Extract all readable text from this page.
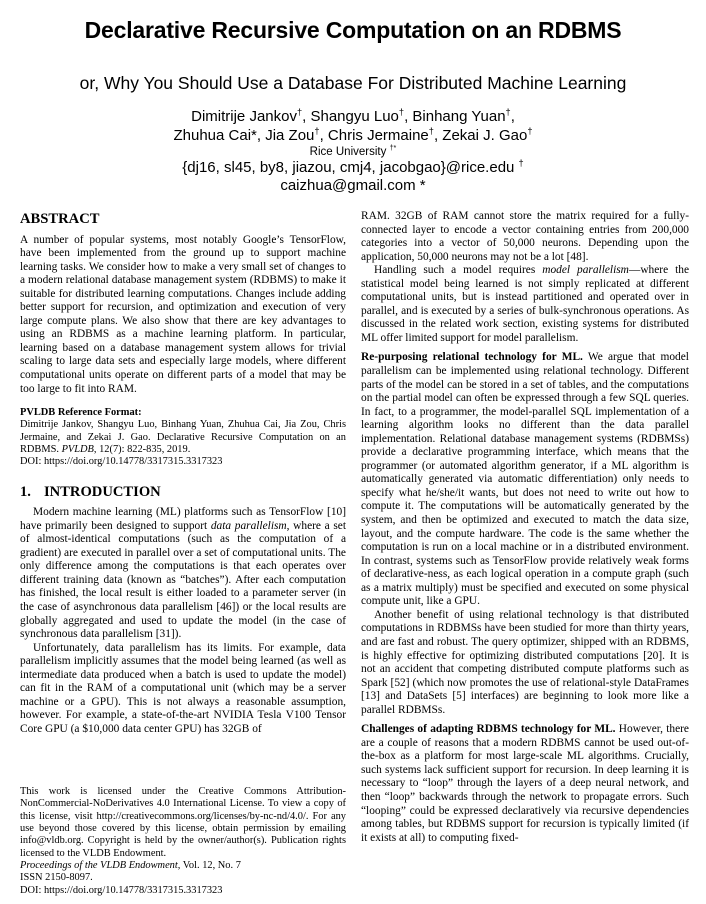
Declarative Recursive Computation on an RDBMS
or, Why You Should Use a Database For Distributed Machine Learning
Dimitrije Jankov†, Shangyu Luo†, Binhang Yuan†,
Zhuhua Cai*, Jia Zou†, Chris Jermaine†, Zekai J. Gao†
Rice University †*
{dj16, sl45, by8, jiazou, cmj4, jacobgao}@rice.edu †
caizhua@gmail.com *
ABSTRACT

A number of popular systems, most notably Google’s TensorFlow, have been implemented from the ground up to support machine learning tasks. We consider how to make a very small set of changes to a modern relational database management system (RDBMS) to make it suitable for distributed learning computations. Changes include adding better support for recursion, and optimization and execution of very large compute plans. We also show that there are key advantages to using an RDBMS as a machine learning platform. In particular, learning based on a database management system allows for trivial scaling to large data sets and especially large models, where different computational units operate on different parts of a model that may be too large to fit into RAM.

PVLDB Reference Format:

Dimitrije Jankov, Shangyu Luo, Binhang Yuan, Zhuhua Cai, Jia Zou, Chris Jermaine, and Zekai J. Gao. Declarative Recursive Computation on an RDBMS. PVLDB, 12(7): 822-835, 2019.

DOI: https://doi.org/10.14778/3317315.3317323
1. INTRODUCTION

Modern machine learning (ML) platforms such as TensorFlow [10] have primarily been designed to support data parallelism, where a set of almost-identical computations (such as the computation of a gradient) are executed in parallel over a set of computational units. The only difference among the computations is that each operates over different training data (known as “batches”). After each computation has finished, the local result is either loaded to a parameter server (in the case of asynchronous data parallelism [46]) or the local results are globally aggregated and used to update the model (in the case of synchronous data parallelism [31]).

Unfortunately, data parallelism has its limits. For example, data parallelism implicitly assumes that the model being learned (as well as intermediate data produced when a batch is used to update the model) can fit in the RAM of a computational unit (which may be a server machine or a GPU). This is not always a reasonable assumption, however. For example, a state-of-the-art NVIDIA Tesla V100 Tensor Core GPU (a $10,000 data center GPU) has 32GB of

RAM. 32GB of RAM cannot store the matrix required for a fully-connected layer to encode a vector containing entries from 200,000 categories into a vector of 50,000 neurons. Depending upon the application, 50,000 neurons may not be a lot [48].

Handling such a model requires model parallelism—where the statistical model being learned is not simply replicated at different computational units, but is instead partitioned and operated over in parallel, and is executed by a series of bulk-synchronous operations. As discussed in the related work section, existing systems for distributed ML offer limited support for model parallelism.

Re-purposing relational technology for ML. We argue that model parallelism can be implemented using relational technology. Different parts of the model can be stored in a set of tables, and the computations on the partial model can often be expressed through a few SQL queries. In fact, to a programmer, the model-parallel SQL implementation of a learning algorithm looks no different than the data parallel implementation. Relational database management systems (RDBMSs) provide a declarative programming interface, which means that the programmer (or automated algorithm generator, if a ML algorithm is automatically generated via automatic differentiation) only needs to specify what he/she/it wants, but does not need to write out how to compute it. The computations will be automatically generated by the system, and then be optimized and executed to match the data size, layout, and the compute hardware. The code is the same whether the computation is run on a local machine or in a distributed environment. In contrast, systems such as TensorFlow provide relatively weak forms of declarative-ness, as each logical operation in a compute graph (such as a matrix multiply) must be specified and executed on some physical compute unit, like a GPU.

Another benefit of using relational technology is that distributed computations in RDBMSs have been studied for more than thirty years, and are fast and robust. The query optimizer, shipped with an RDBMS, is highly effective for optimizing distributed computations [20]. It is not an accident that competing distributed compute platforms such as Spark [52] (which now promotes the use of relational-style DataFrames [13] and DataSets [5] interfaces) are beginning to look more like a parallel RDBMSs.

Challenges of adapting RDBMS technology for ML. However, there are a couple of reasons that a modern RDBMS cannot be used out-of-the-box as a platform for most large-scale ML algorithms. Crucially, such systems lack sufficient support for recursion. In deep learning it is necessary to “loop” through the layers of a deep neural network, and then “loop” backwards through the network to propagate errors. Such “looping” could be expressed declaratively via recursive dependencies among tables, but RDBMS support for recursion is typically limited (if it exists at all) to computing fixed-

This work is licensed under the Creative Commons Attribution-NonCommercial-NoDerivatives 4.0 International License. To view a copy of this license, visit http://creativecommons.org/licenses/by-nc-nd/4.0/. For any use beyond those covered by this license, obtain permission by emailing info@vldb.org. Copyright is held by the owner/author(s). Publication rights licensed to the VLDB Endowment.

Proceedings of the VLDB Endowment, Vol. 12, No. 7
ISSN 2150-8097.
DOI: https://doi.org/10.14778/3317315.3317323
